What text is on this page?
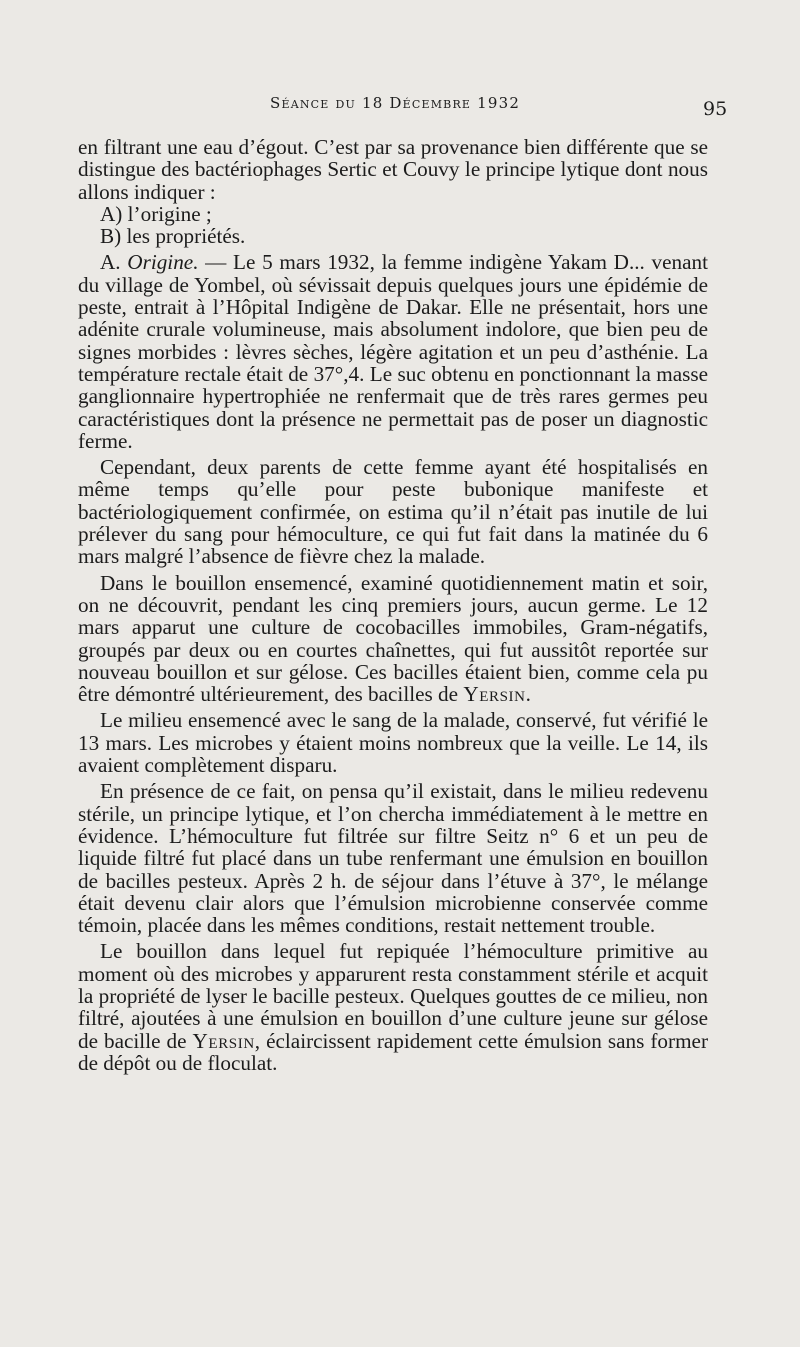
Séance du 18 Décembre 1932	95

en filtrant une eau d’égout. C’est par sa provenance bien différente que se distingue des bactériophages Sertic et Couvy le principe lytique dont nous allons indiquer :

A) l’origine ;

B) les propriétés.

A. Origine. — Le 5 mars 1932, la femme indigène Yakam D... venant du village de Yombel, où sévissait depuis quelques jours une épidémie de peste, entrait à l’Hôpital Indigène de Dakar. Elle ne présentait, hors une adénite crurale volumineuse, mais absolument indolore, que bien peu de signes morbides : lèvres sèches, légère agitation et un peu d’asthénie. La température rectale était de 37°,4. Le suc obtenu en ponctionnant la masse ganglionnaire hypertrophiée ne renfermait que de très rares germes peu caractéristiques dont la présence ne permettait pas de poser un diagnostic ferme.

Cependant, deux parents de cette femme ayant été hospitalisés en même temps qu’elle pour peste bubonique manifeste et bactériologiquement confirmée, on estima qu’il n’était pas inutile de lui prélever du sang pour hémoculture, ce qui fut fait dans la matinée du 6 mars malgré l’absence de fièvre chez la malade.

Dans le bouillon ensemencé, examiné quotidiennement matin et soir, on ne découvrit, pendant les cinq premiers jours, aucun germe. Le 12 mars apparut une culture de cocobacilles immobiles, Gram-négatifs, groupés par deux ou en courtes chaînettes, qui fut aussitôt reportée sur nouveau bouillon et sur gélose. Ces bacilles étaient bien, comme cela pu être démontré ultérieurement, des bacilles de Yersin.

Le milieu ensemencé avec le sang de la malade, conservé, fut vérifié le 13 mars. Les microbes y étaient moins nombreux que la veille. Le 14, ils avaient complètement disparu.

En présence de ce fait, on pensa qu’il existait, dans le milieu redevenu stérile, un principe lytique, et l’on chercha immédiatement à le mettre en évidence. L’hémoculture fut filtrée sur filtre Seitz n° 6 et un peu de liquide filtré fut placé dans un tube renfermant une émulsion en bouillon de bacilles pesteux. Après 2 h. de séjour dans l’étuve à 37°, le mélange était devenu clair alors que l’émulsion microbienne conservée comme témoin, placée dans les mêmes conditions, restait nettement trouble.

Le bouillon dans lequel fut repiquée l’hémoculture primitive au moment où des microbes y apparurent resta constamment stérile et acquit la propriété de lyser le bacille pesteux. Quelques gouttes de ce milieu, non filtré, ajoutées à une émulsion en bouillon d’une culture jeune sur gélose de bacille de Yersin, éclaircissent rapidement cette émulsion sans former de dépôt ou de floculat.
